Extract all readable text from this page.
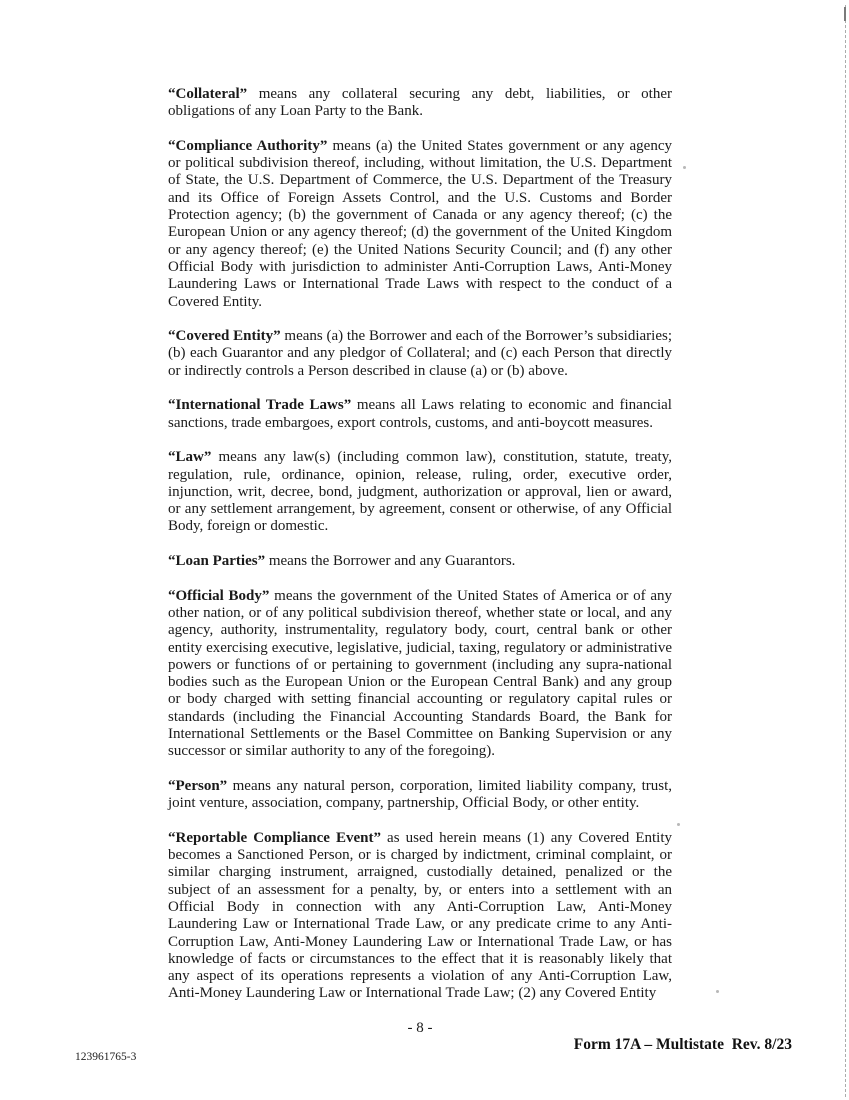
“Collateral” means any collateral securing any debt, liabilities, or other obligations of any Loan Party to the Bank.

“Compliance Authority” means (a) the United States government or any agency or political subdivision thereof, including, without limitation, the U.S. Department of State, the U.S. Department of Commerce, the U.S. Department of the Treasury and its Office of Foreign Assets Control, and the U.S. Customs and Border Protection agency; (b) the government of Canada or any agency thereof; (c) the European Union or any agency thereof; (d) the government of the United Kingdom or any agency thereof; (e) the United Nations Security Council; and (f) any other Official Body with jurisdiction to administer Anti-Corruption Laws, Anti-Money Laundering Laws or International Trade Laws with respect to the conduct of a Covered Entity.

“Covered Entity” means (a) the Borrower and each of the Borrower’s subsidiaries; (b) each Guarantor and any pledgor of Collateral; and (c) each Person that directly or indirectly controls a Person described in clause (a) or (b) above.

“International Trade Laws” means all Laws relating to economic and financial sanctions, trade embargoes, export controls, customs, and anti-boycott measures.

“Law” means any law(s) (including common law), constitution, statute, treaty, regulation, rule, ordinance, opinion, release, ruling, order, executive order, injunction, writ, decree, bond, judgment, authorization or approval, lien or award, or any settlement arrangement, by agreement, consent or otherwise, of any Official Body, foreign or domestic.

“Loan Parties” means the Borrower and any Guarantors.

“Official Body” means the government of the United States of America or of any other nation, or of any political subdivision thereof, whether state or local, and any agency, authority, instrumentality, regulatory body, court, central bank or other entity exercising executive, legislative, judicial, taxing, regulatory or administrative powers or functions of or pertaining to government (including any supra-national bodies such as the European Union or the European Central Bank) and any group or body charged with setting financial accounting or regulatory capital rules or standards (including the Financial Accounting Standards Board, the Bank for International Settlements or the Basel Committee on Banking Supervision or any successor or similar authority to any of the foregoing).

“Person” means any natural person, corporation, limited liability company, trust, joint venture, association, company, partnership, Official Body, or other entity.

“Reportable Compliance Event” as used herein means (1) any Covered Entity becomes a Sanctioned Person, or is charged by indictment, criminal complaint, or similar charging instrument, arraigned, custodially detained, penalized or the subject of an assessment for a penalty, by, or enters into a settlement with an Official Body in connection with any Anti-Corruption Law, Anti-Money Laundering Law or International Trade Law, or any predicate crime to any Anti-Corruption Law, Anti-Money Laundering Law or International Trade Law, or has knowledge of facts or circumstances to the effect that it is reasonably likely that any aspect of its operations represents a violation of any Anti-Corruption Law, Anti-Money Laundering Law or International Trade Law; (2) any Covered Entity

- 8 -
Form 17A – Multistate  Rev. 8/23
123961765-3
